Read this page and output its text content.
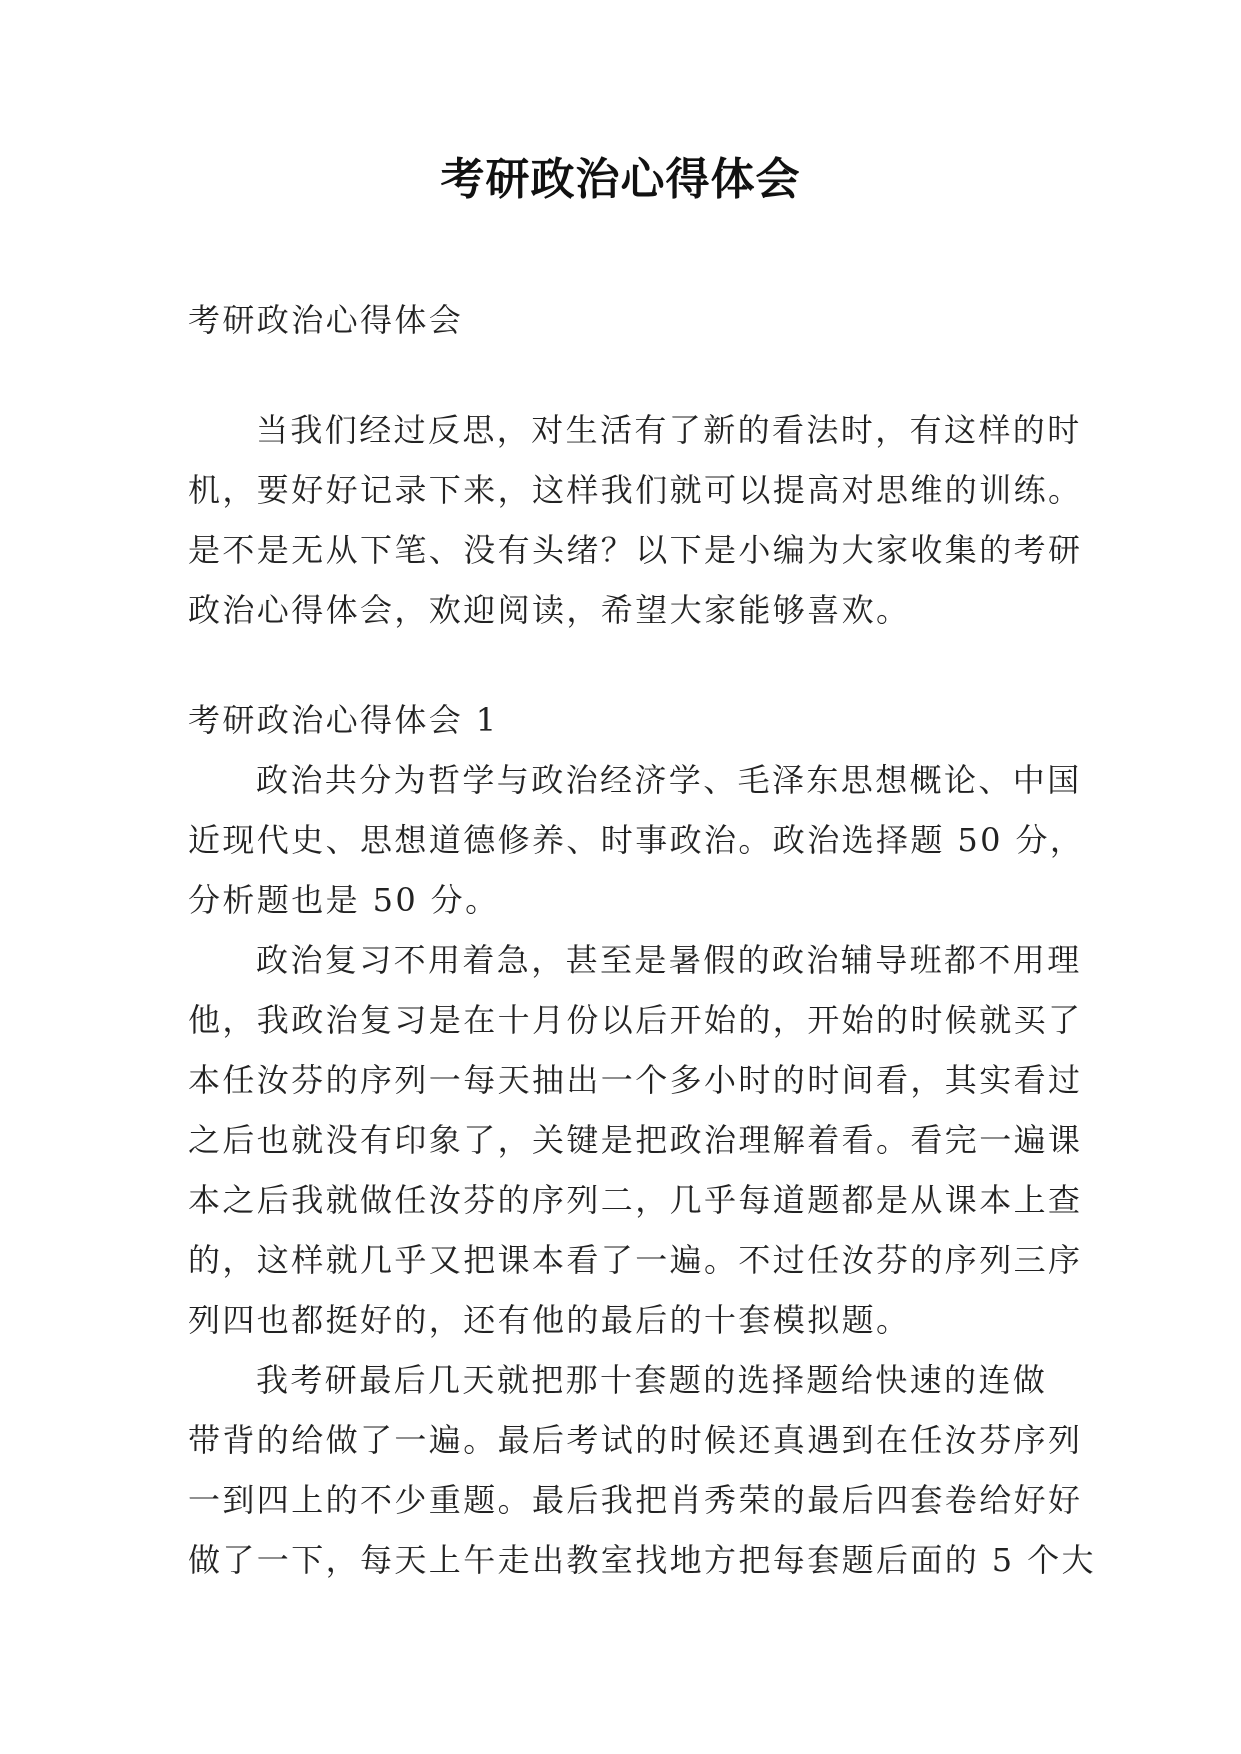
考研政治心得体会
考研政治心得体会
当我们经过反思，对生活有了新的看法时，有这样的时
机，要好好记录下来，这样我们就可以提高对思维的训练。
是不是无从下笔、没有头绪？以下是小编为大家收集的考研
政治心得体会，欢迎阅读，希望大家能够喜欢。
考研政治心得体会 1
政治共分为哲学与政治经济学、毛泽东思想概论、中国
近现代史、思想道德修养、时事政治。政治选择题 50 分，
分析题也是 50 分。
政治复习不用着急，甚至是暑假的政治辅导班都不用理
他，我政治复习是在十月份以后开始的，开始的时候就买了
本任汝芬的序列一每天抽出一个多小时的时间看，其实看过
之后也就没有印象了，关键是把政治理解着看。看完一遍课
本之后我就做任汝芬的序列二，几乎每道题都是从课本上查
的，这样就几乎又把课本看了一遍。不过任汝芬的序列三序
列四也都挺好的，还有他的最后的十套模拟题。
我考研最后几天就把那十套题的选择题给快速的连做
带背的给做了一遍。最后考试的时候还真遇到在任汝芬序列
一到四上的不少重题。最后我把肖秀荣的最后四套卷给好好
做了一下，每天上午走出教室找地方把每套题后面的 5 个大
